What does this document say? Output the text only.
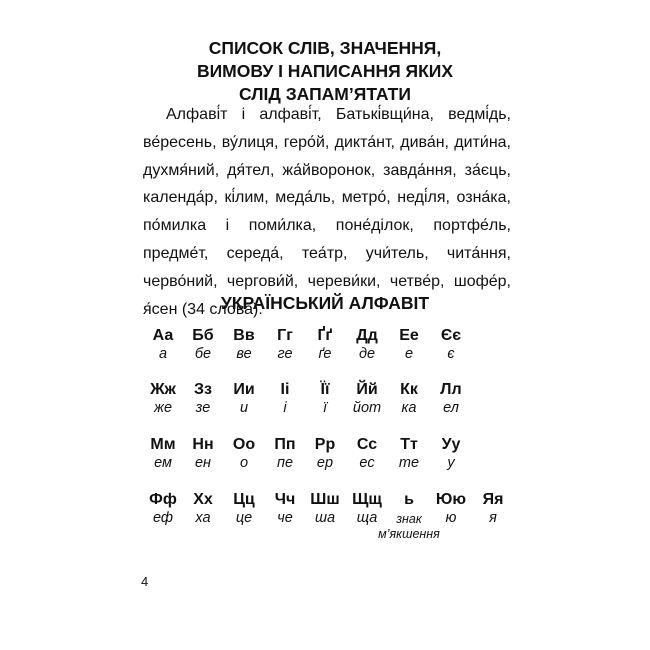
СПИСОК СЛІВ, ЗНАЧЕННЯ,
ВИМОВУ І НАПИСАННЯ ЯКИХ
СЛІД ЗАПАМ’ЯТАТИ
Алфаві́т і алфаві́т, Батькі́вщи́на, ведмі́дь, ве́ресень, ву́лиця, геро́й, дикта́нт, дива́н, дити́на, духмя́ний, дя́тел, жа́йворонок, завда́ння, за́єць, календа́р, кі́лим, меда́ль, метро́, неді́ля, озна́ка, по́милка і поми́лка, поне́ділок, портфе́ль, предме́т, середа́, теа́тр, учи́тель, чита́ння, черво́ний, чергови́й, череви́ки, четве́р, шофе́р, я́сен (34 слова).
УКРАЇНСЬКИЙ АЛФАВІТ
Аа
а
Бб
бе
Вв
ве
Гг
ге
Ґґ
ґе
Дд
де
Ее
е
Єє
є
Жж
же
Зз
зе
Ии
и
Іі
і
Її
ї
Йй
йот
Кк
ка
Лл
ел
Мм
ем
Нн
ен
Оо
о
Пп
пе
Рр
ер
Сс
ес
Тт
те
Уу
у
Фф
еф
Хх
ха
Цц
це
Чч
че
Шш
ша
Щщ
ща
ь
знак
м’якшення
Юю
ю
Яя
я
4
